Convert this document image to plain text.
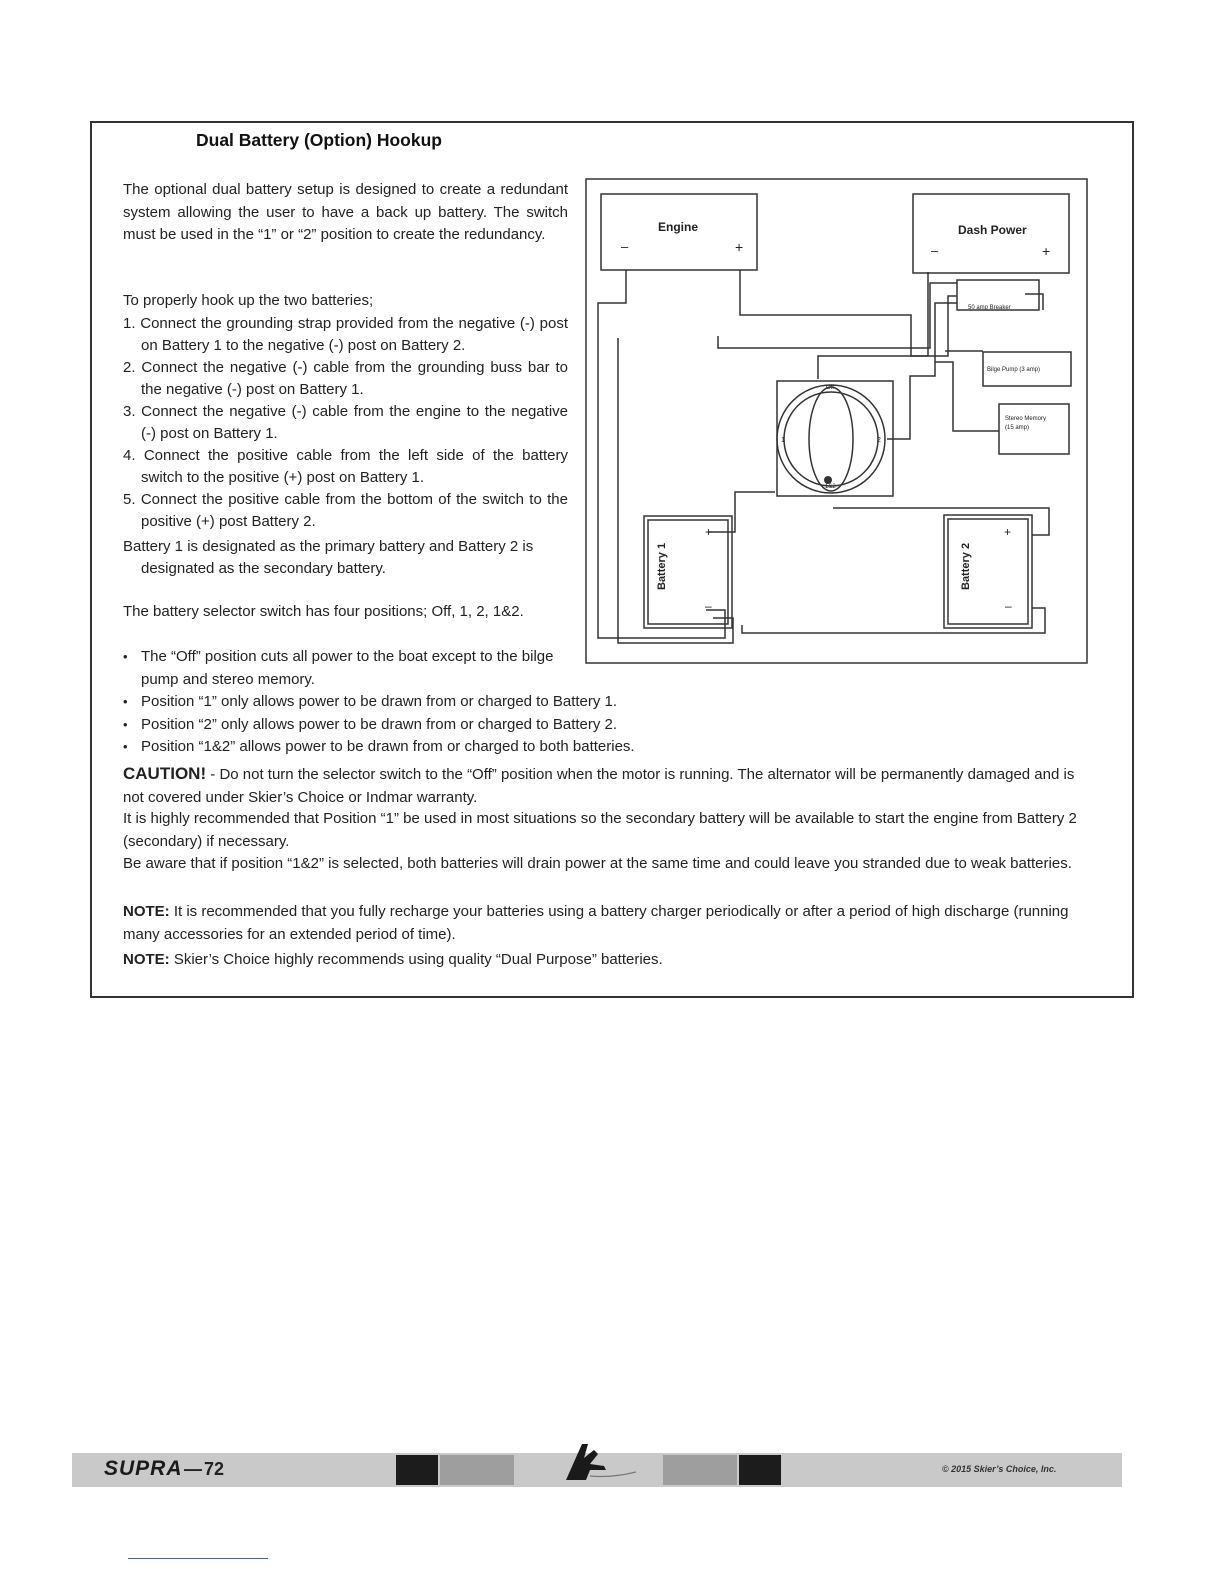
Dual Battery (Option) Hookup

The optional dual battery setup is designed to create a redundant system allowing the user to have a back up battery. The switch must be used in the “1” or “2” position to create the redundancy.

To properly hook up the two batteries;

1. Connect the grounding strap provided from the negative (-) post on Battery 1 to the negative (-) post on Battery 2.
2. Connect the negative (-) cable from the grounding buss bar to the negative (-) post on Battery 1.
3. Connect the negative (-) cable from the engine to the negative (-) post on Battery 1.
4. Connect the positive cable from the left side of the battery switch to the positive (+) post on Battery 1.
5. Connect the positive cable from the bottom of the switch to the positive (+) post Battery 2.

Battery 1 is designated as the primary battery and Battery 2 is designated as the secondary battery.

The battery selector switch has four positions; Off, 1, 2, 1&2.

• The “Off” position cuts all power to the boat except to the bilge pump and stereo memory.
• Position “1” only allows power to be drawn from or charged to Battery 1.
• Position “2” only allows power to be drawn from or charged to Battery 2.
• Position “1&2” allows power to be drawn from or charged to both batteries.

CAUTION! - Do not turn the selector switch to the “Off” position when the motor is running. The alternator will be permanently damaged and is not covered under Skier’s Choice or Indmar warranty.

It is highly recommended that Position “1” be used in most situations so the secondary battery will be available to start the engine from Battery 2 (secondary) if necessary.

Be aware that if position “1&2” is selected, both batteries will drain power at the same time and could leave you stranded due to weak batteries.

NOTE: It is recommended that you fully recharge your batteries using a battery charger periodically or after a period of high discharge (running many accessories for an extended period of time).

NOTE: Skier’s Choice highly recommends using quality “Dual Purpose” batteries.

Engine
–	+
Dash Power
–	+
50 amp Breaker
Bilge Pump (3 amp)
Stereo Memory
(15 amp)
Off
1	2
1&2
+
–
+
–
Battery 1	Battery 2
SUPRA — 72	© 2015 Skier’s Choice, Inc.
